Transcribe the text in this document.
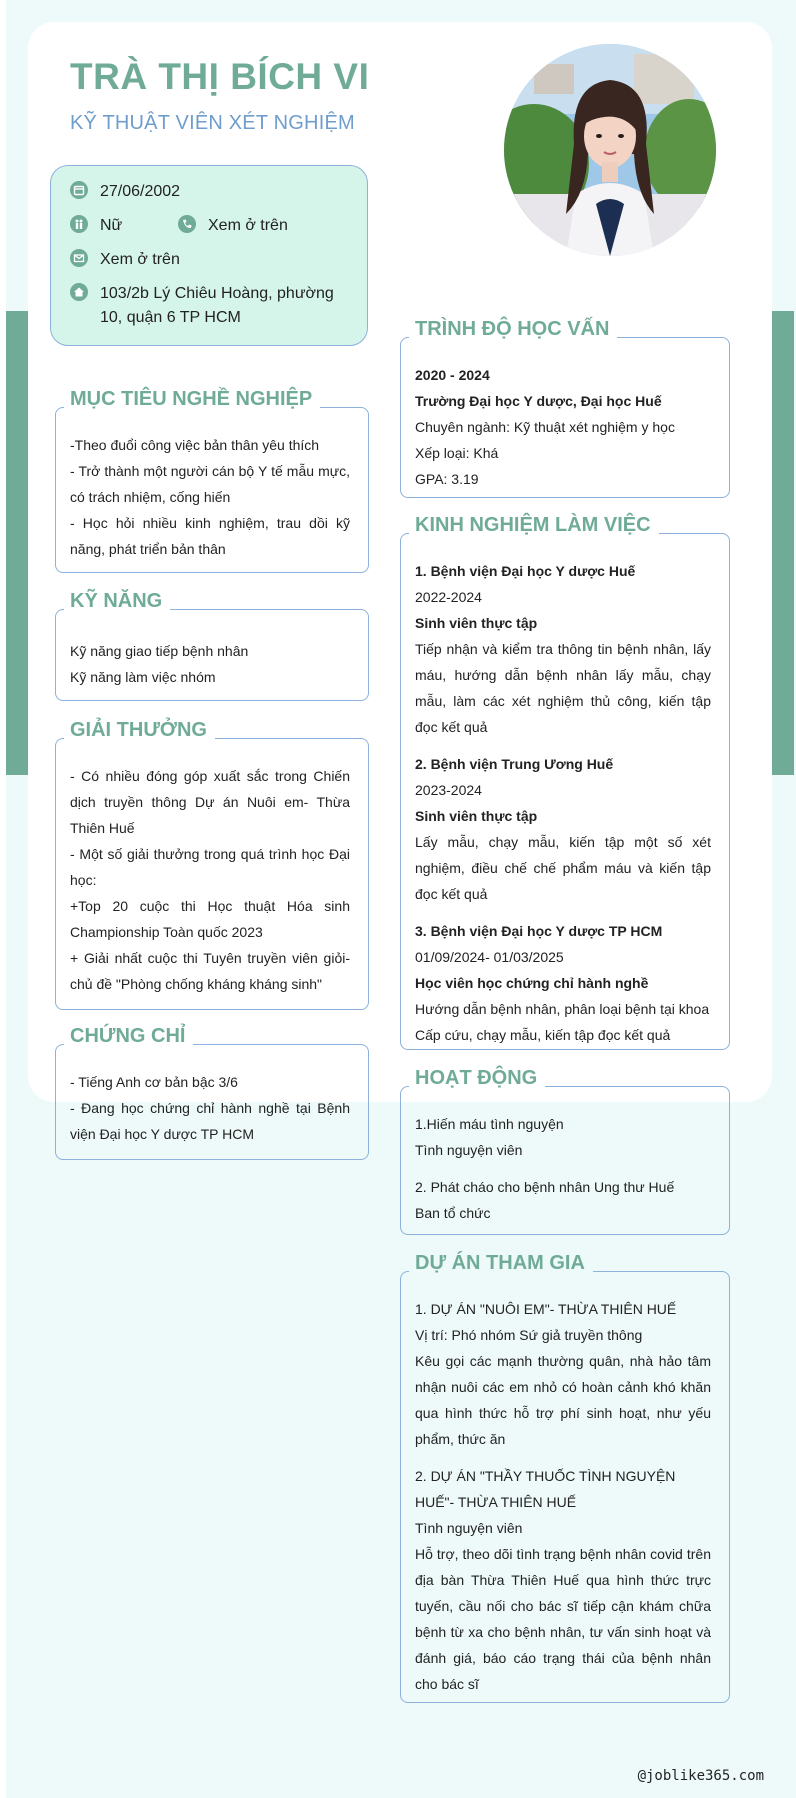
TRÀ THỊ BÍCH VI
KỸ THUẬT VIÊN XÉT NGHIỆM
27/06/2002
Nữ	Xem ở trên
Xem ở trên
103/2b Lý Chiêu Hoàng, phường
10, quận 6 TP HCM
MỤC TIÊU NGHỀ NGHIỆP
-Theo đuổi công việc bản thân yêu thích
- Trở thành một người cán bộ Y tế mẫu mực, có trách nhiệm, cống hiến
- Học hỏi nhiều kinh nghiệm, trau dồi kỹ năng, phát triển bản thân
KỸ NĂNG
Kỹ năng giao tiếp bệnh nhân
Kỹ năng làm việc nhóm
GIẢI THƯỞNG
- Có nhiều đóng góp xuất sắc trong Chiến dịch truyền thông Dự án Nuôi em- Thừa Thiên Huế
- Một số giải thưởng trong quá trình học Đại học:
+Top 20 cuộc thi Học thuật Hóa sinh Championship Toàn quốc 2023
+ Giải nhất cuộc thi Tuyên truyền viên giỏi- chủ đề "Phòng chống kháng kháng sinh"
CHỨNG CHỈ
- Tiếng Anh cơ bản bậc 3/6
- Đang học chứng chỉ hành nghề tại Bệnh viện Đại học Y dược TP HCM
TRÌNH ĐỘ HỌC VẤN
2020 - 2024
Trường Đại học Y dược, Đại học Huế
Chuyên ngành: Kỹ thuật xét nghiệm y học
Xếp loại: Khá
GPA: 3.19
KINH NGHIỆM LÀM VIỆC
1. Bệnh viện Đại học Y dược Huế
2022-2024
Sinh viên thực tập
Tiếp nhận và kiểm tra thông tin bệnh nhân, lấy máu, hướng dẫn bệnh nhân lấy mẫu, chạy mẫu, làm các xét nghiệm thủ công, kiến tập đọc kết quả
2. Bệnh viện Trung Ương Huế
2023-2024
Sinh viên thực tập
Lấy mẫu, chạy mẫu, kiến tập một số xét nghiệm, điều chế chế phẩm máu và kiến tập đọc kết quả
3. Bệnh viện Đại học Y dược TP HCM
01/09/2024- 01/03/2025
Học viên học chứng chỉ hành nghề
Hướng dẫn bệnh nhân, phân loại bệnh tại khoa Cấp cứu, chạy mẫu, kiến tập đọc kết quả
HOẠT ĐỘNG
1.Hiến máu tình nguyện
Tình nguyện viên
2. Phát cháo cho bệnh nhân Ung thư Huế
Ban tổ chức
DỰ ÁN THAM GIA
1. DỰ ÁN "NUÔI EM"- THỪA THIÊN HUẾ
Vị trí: Phó nhóm Sứ giả truyền thông
Kêu gọi các mạnh thường quân, nhà hảo tâm nhận nuôi các em nhỏ có hoàn cảnh khó khăn qua hình thức hỗ trợ phí sinh hoạt, như yếu phẩm, thức ăn
2. DỰ ÁN "THẦY THUỐC TÌNH NGUYỆN HUẾ"- THỪA THIÊN HUẾ
Tình nguyện viên
Hỗ trợ, theo dõi tình trạng bệnh nhân covid trên địa bàn Thừa Thiên Huế qua hình thức trực tuyến, cầu nối cho bác sĩ tiếp cận khám chữa bệnh từ xa cho bệnh nhân, tư vấn sinh hoạt và đánh giá, báo cáo trạng thái của bệnh nhân cho bác sĩ
@joblike365.com
